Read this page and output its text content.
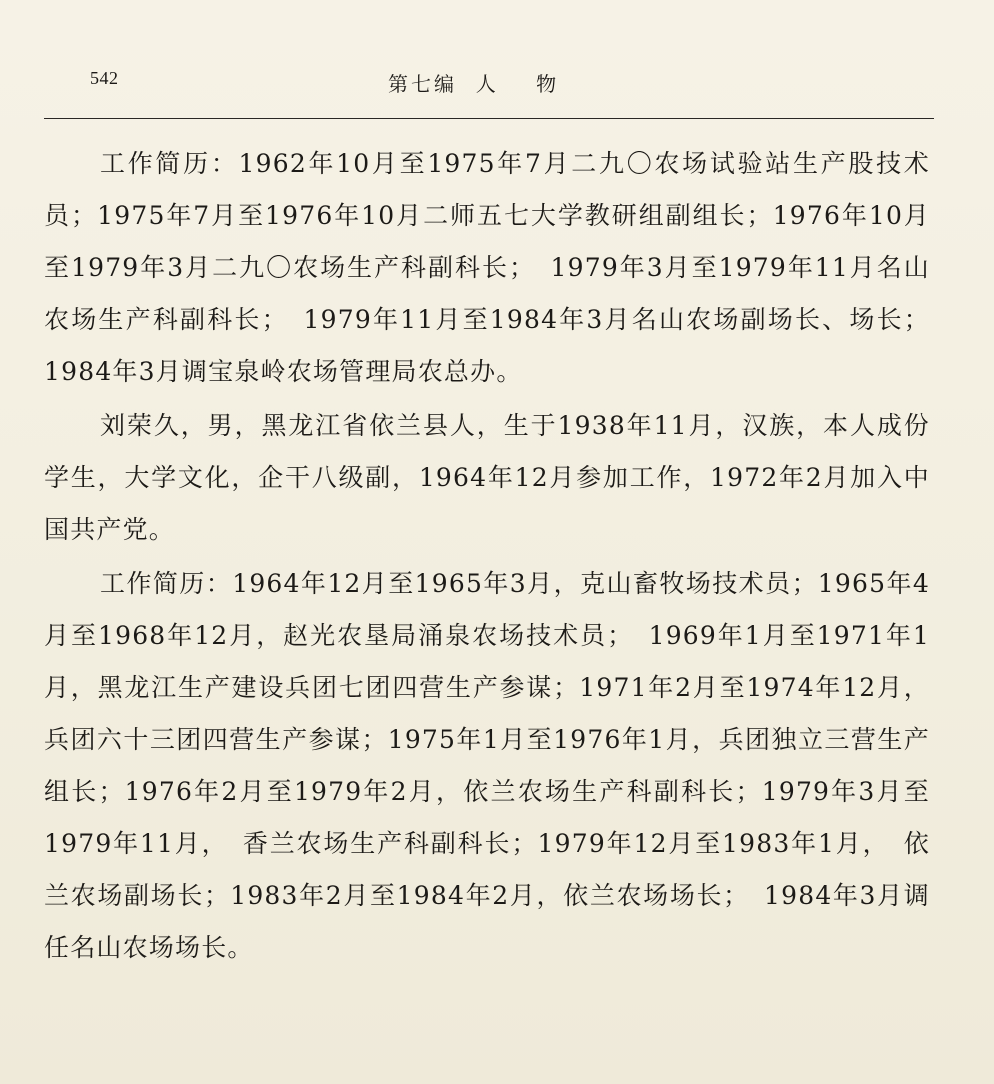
542	第七编  人    物

工作简历：1962年10月至1975年7月二九〇农场试验站生产股技术员；1975年7月至1976年10月二师五七大学教研组副组长；1976年10月至1979年3月二九〇农场生产科副科长；　1979年3月至1979年11月名山农场生产科副科长；　1979年11月至1984年3月名山农场副场长、场长；1984年3月调宝泉岭农场管理局农总办。

刘荣久，男，黑龙江省依兰县人，生于1938年11月，汉族，本人成份学生，大学文化，企干八级副，1964年12月参加工作，1972年2月加入中国共产党。

工作简历：1964年12月至1965年3月，克山畜牧场技术员；1965年4月至1968年12月，赵光农垦局涌泉农场技术员；　1969年1月至1971年1月，黑龙江生产建设兵团七团四营生产参谋；1971年2月至1974年12月，兵团六十三团四营生产参谋；1975年1月至1976年1月，兵团独立三营生产组长；1976年2月至1979年2月，依兰农场生产科副科长；1979年3月至1979年11月，　香兰农场生产科副科长；1979年12月至1983年1月，　依兰农场副场长；1983年2月至1984年2月，依兰农场场长；　1984年3月调任名山农场场长。
